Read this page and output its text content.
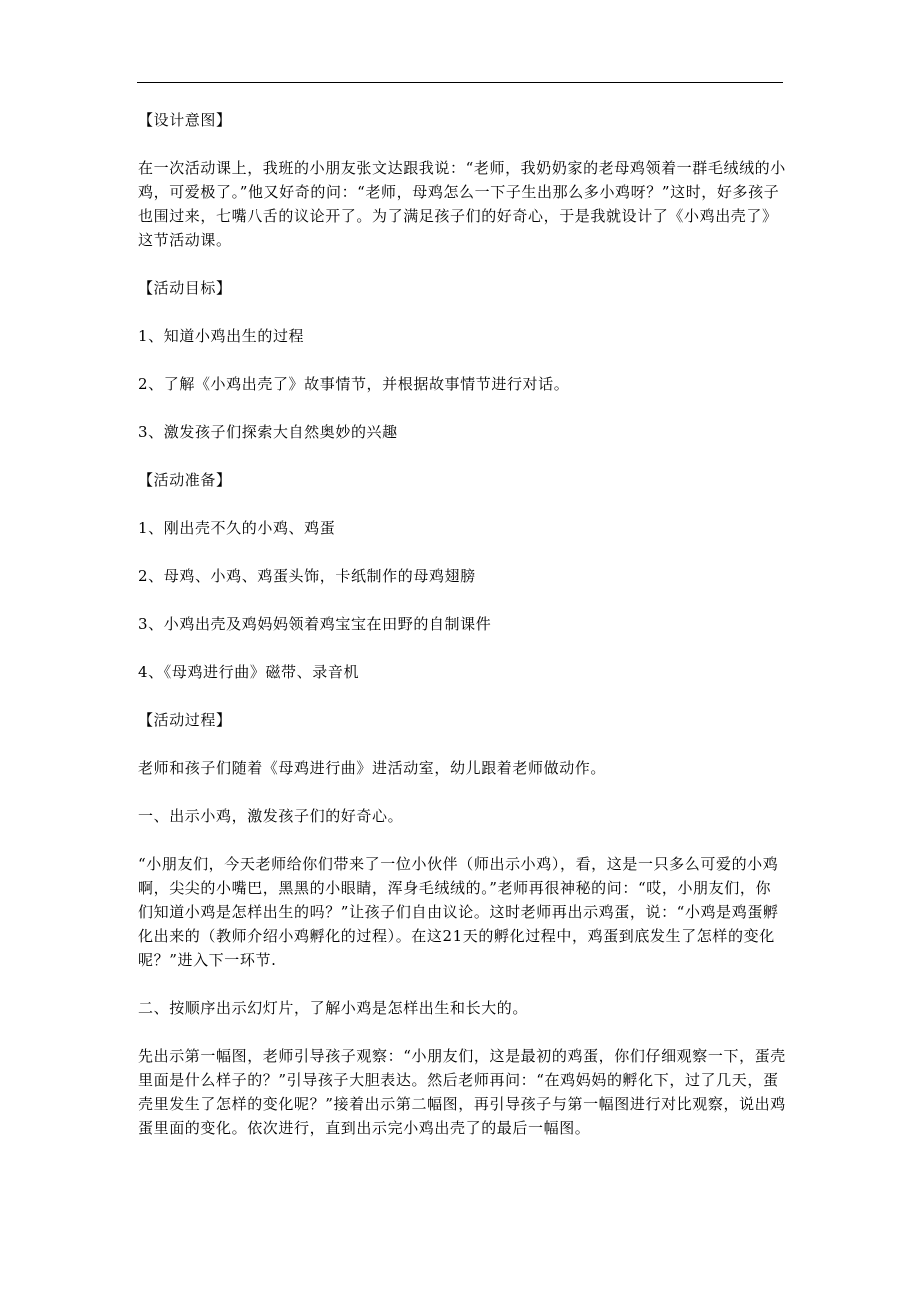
【设计意图】

在一次活动课上，我班的小朋友张文达跟我说：“老师，我奶奶家的老母鸡领着一群毛绒绒的小鸡，可爱极了。”他又好奇的问：“老师，母鸡怎么一下子生出那么多小鸡呀？”这时，好多孩子也围过来，七嘴八舌的议论开了。为了满足孩子们的好奇心，于是我就设计了《小鸡出壳了》这节活动课。

【活动目标】

1、知道小鸡出生的过程

2、了解《小鸡出壳了》故事情节，并根据故事情节进行对话。

3、激发孩子们探索大自然奥妙的兴趣

【活动准备】

1、刚出壳不久的小鸡、鸡蛋

2、母鸡、小鸡、鸡蛋头饰，卡纸制作的母鸡翅膀

3、小鸡出壳及鸡妈妈领着鸡宝宝在田野的自制课件

4、《母鸡进行曲》磁带、录音机

【活动过程】

老师和孩子们随着《母鸡进行曲》进活动室，幼儿跟着老师做动作。

一、出示小鸡，激发孩子们的好奇心。

“小朋友们，今天老师给你们带来了一位小伙伴（师出示小鸡），看，这是一只多么可爱的小鸡啊，尖尖的小嘴巴，黑黑的小眼睛，浑身毛绒绒的。”老师再很神秘的问：“哎，小朋友们，你们知道小鸡是怎样出生的吗？”让孩子们自由议论。这时老师再出示鸡蛋，说：“小鸡是鸡蛋孵化出来的（教师介绍小鸡孵化的过程）。在这21天的孵化过程中，鸡蛋到底发生了怎样的变化呢？”进入下一环节.

二、按顺序出示幻灯片，了解小鸡是怎样出生和长大的。

先出示第一幅图，老师引导孩子观察：“小朋友们，这是最初的鸡蛋，你们仔细观察一下，蛋壳里面是什么样子的？”引导孩子大胆表达。然后老师再问：“在鸡妈妈的孵化下，过了几天，蛋壳里发生了怎样的变化呢？”接着出示第二幅图，再引导孩子与第一幅图进行对比观察，说出鸡蛋里面的变化。依次进行，直到出示完小鸡出壳了的最后一幅图。
